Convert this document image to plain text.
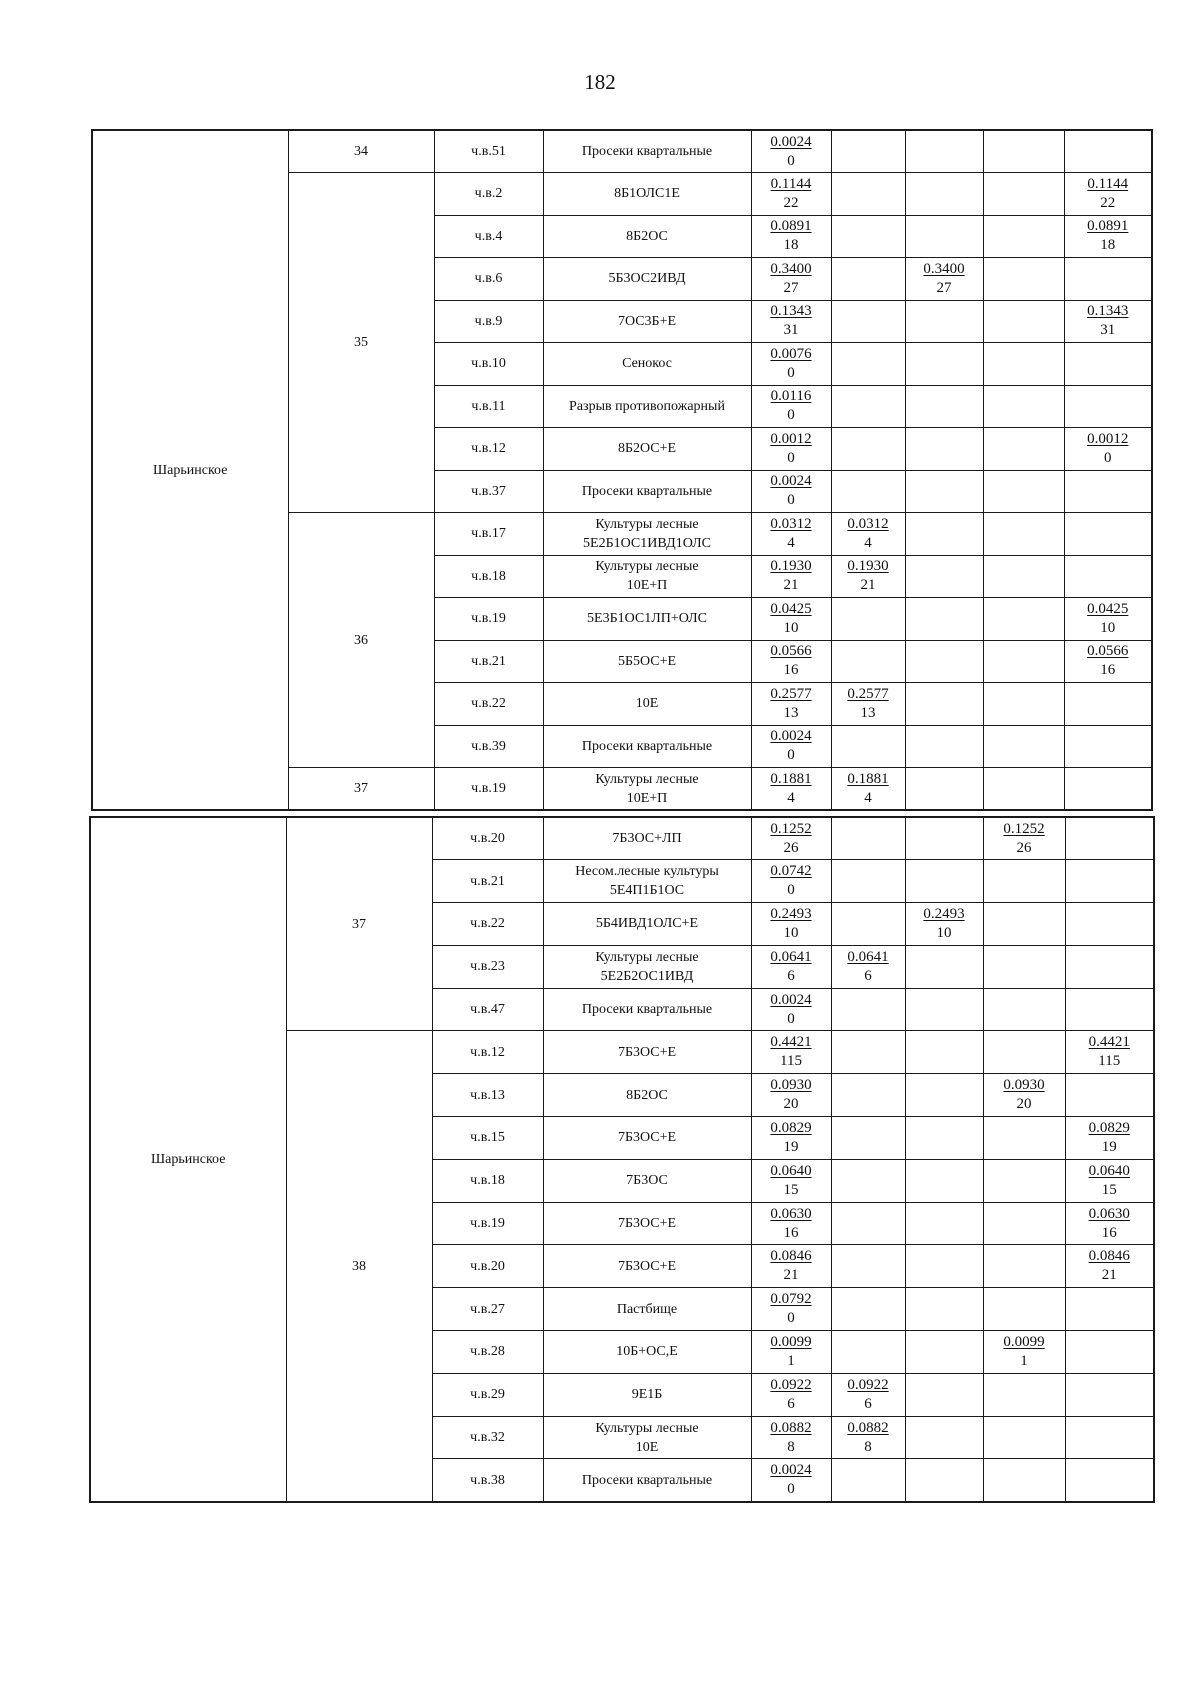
182
Шарьинское	34	ч.в.51	Просеки квартальные	$\frac{0.0024}{0}$

	35	ч.в.2	8Б1ОЛС1Е	$\frac{0.1144}{22}$				$\frac{0.1144}{22}$

		ч.в.4	8Б2ОС	$\frac{0.0891}{18}$				$\frac{0.0891}{18}$

		ч.в.6	5Б3ОС2ИВД	$\frac{0.3400}{27}$		$\frac{0.3400}{27}$

		ч.в.9	7ОС3Б+Е	$\frac{0.1343}{31}$				$\frac{0.1343}{31}$

		ч.в.10	Сенокос	$\frac{0.0076}{0}$

		ч.в.11	Разрыв противопожарный	$\frac{0.0116}{0}$

		ч.в.12	8Б2ОС+Е	$\frac{0.0012}{0}$				$\frac{0.0012}{0}$

		ч.в.37	Просеки квартальные	$\frac{0.0024}{0}$

	36	ч.в.17	Культуры лесные
5Е2Б1ОС1ИВД1ОЛС	$\frac{0.0312}{4}$	$\frac{0.0312}{4}$

		ч.в.18	Культуры лесные
10Е+П	$\frac{0.1930}{21}$	$\frac{0.1930}{21}$

		ч.в.19	5Е3Б1ОС1ЛП+ОЛС	$\frac{0.0425}{10}$				$\frac{0.0425}{10}$

		ч.в.21	5Б5ОС+Е	$\frac{0.0566}{16}$				$\frac{0.0566}{16}$

		ч.в.22	10Е	$\frac{0.2577}{13}$	$\frac{0.2577}{13}$

		ч.в.39	Просеки квартальные	$\frac{0.0024}{0}$

	37	ч.в.19	Культуры лесные
10Е+П	$\frac{0.1881}{4}$	$\frac{0.1881}{4}$

Шарьинское	37	ч.в.20	7Б3ОС+ЛП	$\frac{0.1252}{26}$			$\frac{0.1252}{26}$

		ч.в.21	Несом.лесные культуры
5Е4П1Б1ОС	$\frac{0.0742}{0}$

		ч.в.22	5Б4ИВД1ОЛС+Е	$\frac{0.2493}{10}$		$\frac{0.2493}{10}$

		ч.в.23	Культуры лесные
5Е2Б2ОС1ИВД	$\frac{0.0641}{6}$	$\frac{0.0641}{6}$

		ч.в.47	Просеки квартальные	$\frac{0.0024}{0}$

	38	ч.в.12	7Б3ОС+Е	$\frac{0.4421}{115}$				$\frac{0.4421}{115}$

		ч.в.13	8Б2ОС	$\frac{0.0930}{20}$			$\frac{0.0930}{20}$

		ч.в.15	7Б3ОС+Е	$\frac{0.0829}{19}$				$\frac{0.0829}{19}$

		ч.в.18	7Б3ОС	$\frac{0.0640}{15}$				$\frac{0.0640}{15}$

		ч.в.19	7Б3ОС+Е	$\frac{0.0630}{16}$				$\frac{0.0630}{16}$

		ч.в.20	7Б3ОС+Е	$\frac{0.0846}{21}$				$\frac{0.0846}{21}$

		ч.в.27	Пастбище	$\frac{0.0792}{0}$

		ч.в.28	10Б+ОС,Е	$\frac{0.0099}{1}$			$\frac{0.0099}{1}$

		ч.в.29	9Е1Б	$\frac{0.0922}{6}$	$\frac{0.0922}{6}$

		ч.в.32	Культуры лесные
10Е	$\frac{0.0882}{8}$	$\frac{0.0882}{8}$

		ч.в.38	Просеки квартальные	$\frac{0.0024}{0}$
